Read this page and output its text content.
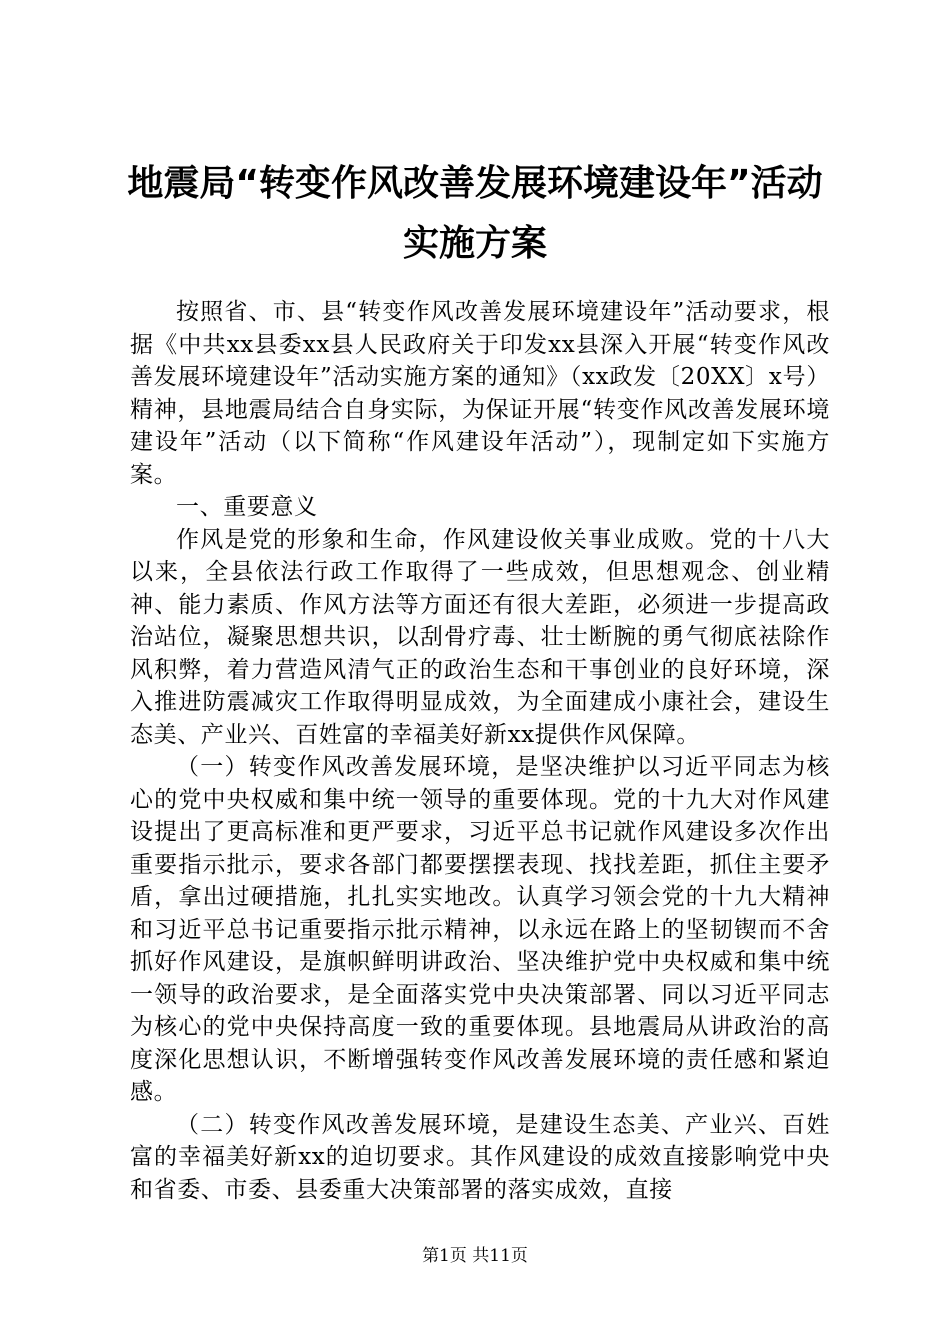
地震局“转变作风改善发展环境建设年”活动
实施方案

按照省、市、县“转变作风改善发展环境建设年”活动要求，根据《中共xx县委xx县人民政府关于印发xx县深入开展“转变作风改善发展环境建设年”活动实施方案的通知》（xx政发〔20XX〕x号）精神，县地震局结合自身实际，为保证开展“转变作风改善发展环境建设年”活动（以下简称“作风建设年活动”），现制定如下实施方案。

一、重要意义

作风是党的形象和生命，作风建设攸关事业成败。党的十八大以来，全县依法行政工作取得了一些成效，但思想观念、创业精神、能力素质、作风方法等方面还有很大差距，必须进一步提高政治站位，凝聚思想共识，以刮骨疗毒、壮士断腕的勇气彻底祛除作风积弊，着力营造风清气正的政治生态和干事创业的良好环境，深入推进防震减灾工作取得明显成效，为全面建成小康社会，建设生态美、产业兴、百姓富的幸福美好新xx提供作风保障。

（一）转变作风改善发展环境，是坚决维护以习近平同志为核心的党中央权威和集中统一领导的重要体现。党的十九大对作风建设提出了更高标准和更严要求，习近平总书记就作风建设多次作出重要指示批示，要求各部门都要摆摆表现、找找差距，抓住主要矛盾，拿出过硬措施，扎扎实实地改。认真学习领会党的十九大精神和习近平总书记重要指示批示精神，以永远在路上的坚韧锲而不舍抓好作风建设，是旗帜鲜明讲政治、坚决维护党中央权威和集中统一领导的政治要求，是全面落实党中央决策部署、同以习近平同志为核心的党中央保持高度一致的重要体现。县地震局从讲政治的高度深化思想认识，不断增强转变作风改善发展环境的责任感和紧迫感。

（二）转变作风改善发展环境，是建设生态美、产业兴、百姓富的幸福美好新xx的迫切要求。其作风建设的成效直接影响党中央和省委、市委、县委重大决策部署的落实成效，直接

第1页 共11页
